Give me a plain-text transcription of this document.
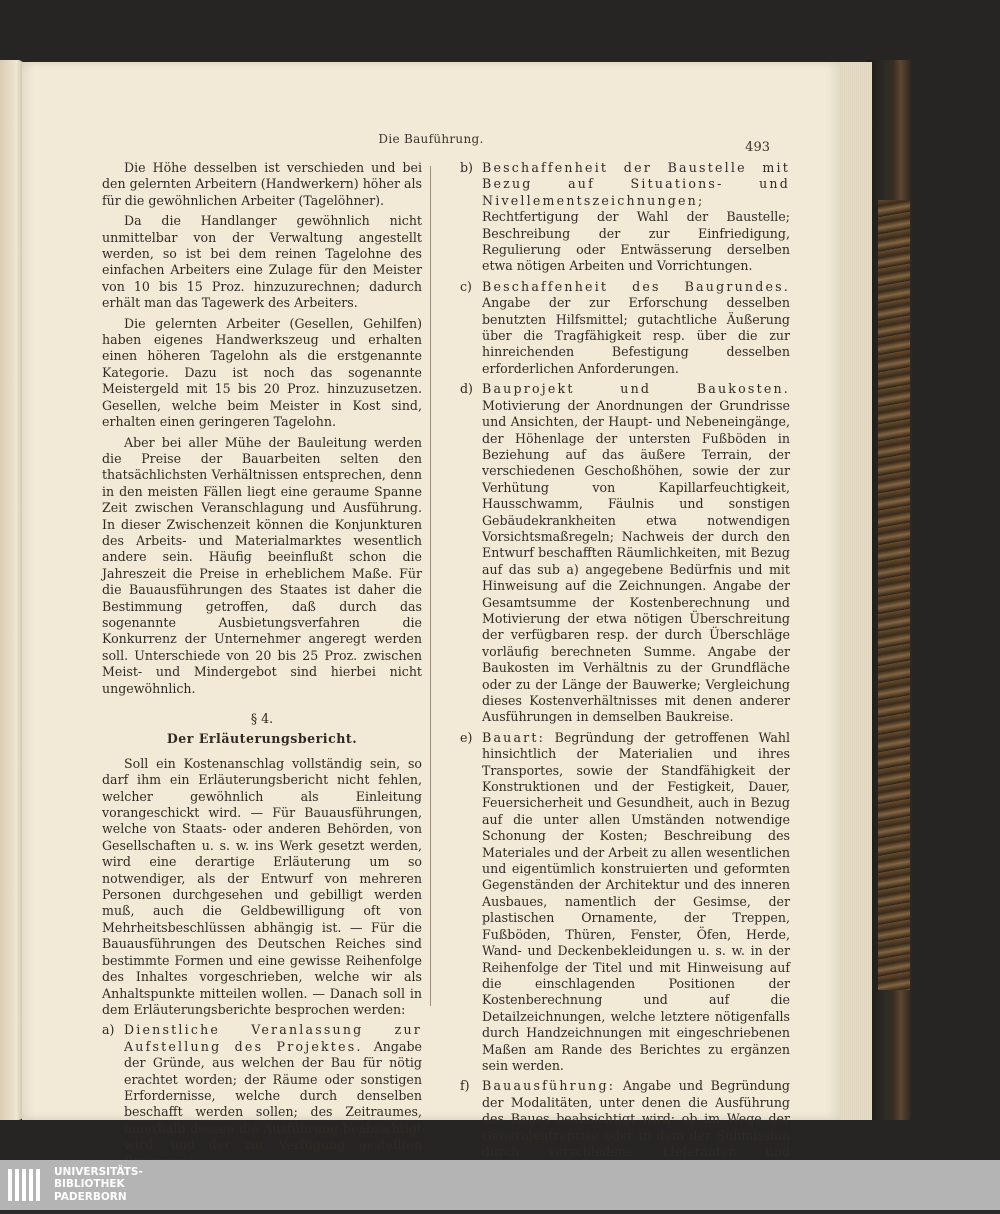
Die Bauführung.
493

Die Höhe desselben ist verschieden und bei den gelernten Arbeitern (Handwerkern) höher als für die gewöhnlichen Arbeiter (Tagelöhner).

Da die Handlanger gewöhnlich nicht unmittelbar von der Verwaltung angestellt werden, so ist bei dem reinen Tagelohne des einfachen Arbeiters eine Zulage für den Meister von 10 bis 15 Proz. hinzuzurechnen; dadurch erhält man das Tagewerk des Arbeiters.

Die gelernten Arbeiter (Gesellen, Gehilfen) haben eigenes Handwerkszeug und erhalten einen höheren Tagelohn als die erstgenannte Kategorie. Dazu ist noch das sogenannte Meistergeld mit 15 bis 20 Proz. hinzuzusetzen. Gesellen, welche beim Meister in Kost sind, erhalten einen geringeren Tagelohn.

Aber bei aller Mühe der Bauleitung werden die Preise der Bauarbeiten selten den thatsächlichsten Verhältnissen entsprechen, denn in den meisten Fällen liegt eine geraume Spanne Zeit zwischen Veranschlagung und Ausführung. In dieser Zwischenzeit können die Konjunkturen des Arbeits- und Materialmarktes wesentlich andere sein. Häufig beeinflußt schon die Jahreszeit die Preise in erheblichem Maße. Für die Bauausführungen des Staates ist daher die Bestimmung getroffen, daß durch das sogenannte Ausbietungsverfahren die Konkurrenz der Unternehmer angeregt werden soll. Unterschiede von 20 bis 25 Proz. zwischen Meist- und Mindergebot sind hierbei nicht ungewöhnlich.

§ 4.
Der Erläuterungsbericht.

Soll ein Kostenanschlag vollständig sein, so darf ihm ein Erläuterungsbericht nicht fehlen, welcher gewöhnlich als Einleitung vorangeschickt wird. — Für Bauausführungen, welche von Staats- oder anderen Behörden, von Gesellschaften u. s. w. ins Werk gesetzt werden, wird eine derartige Erläuterung um so notwendiger, als der Entwurf von mehreren Personen durchgesehen und gebilligt werden muß, auch die Geldbewilligung oft von Mehrheitsbeschlüssen abhängig ist. — Für die Bauausführungen des Deutschen Reiches sind bestimmte Formen und eine gewisse Reihenfolge des Inhaltes vorgeschrieben, welche wir als Anhaltspunkte mitteilen wollen. — Danach soll in dem Erläuterungsberichte besprochen werden:

a) Dienstliche Veranlassung zur Aufstellung des Projektes. Angabe der Gründe, aus welchen der Bau für nötig erachtet worden; der Räume oder sonstigen Erfordernisse, welche durch denselben beschafft werden sollen; des Zeitraumes, innerhalb dessen die Ausführung beabsichtigt wird, und der zur Verfügung gestellten
b) Beschaffenheit der Baustelle mit Bezug auf Situations- und Nivellementszeichnungen; Rechtfertigung der Wahl der Baustelle; Beschreibung der zur Einfriedigung, Regulierung oder Entwässerung derselben etwa nötigen Arbeiten und Vorrichtungen.
c) Beschaffenheit des Baugrundes. Angabe der zur Erforschung desselben benutzten Hilfsmittel; gutachtliche Äußerung über die Tragfähigkeit resp. über die zur hinreichenden Befestigung desselben erforderlichen Anforderungen.
d) Bauprojekt und Baukosten. Motivierung der Anordnungen der Grundrisse und Ansichten, der Haupt- und Nebeneingänge, der Höhenlage der untersten Fußböden in Beziehung auf das äußere Terrain, der verschiedenen Geschoßhöhen, sowie der zur Verhütung von Kapillarfeuchtigkeit, Hausschwamm, Fäulnis und sonstigen Gebäudekrankheiten etwa notwendigen Vorsichtsmaßregeln; Nachweis der durch den Entwurf beschafften Räumlichkeiten, mit Bezug auf das sub a) angegebene Bedürfnis und mit Hinweisung auf die Zeichnungen. Angabe der Gesamtsumme der Kostenberechnung und Motivierung der etwa nötigen Überschreitung der verfügbaren resp. der durch Überschläge vorläufig berechneten Summe. Angabe der Baukosten im Verhältnis zu der Grundfläche oder zu der Länge der Bauwerke; Vergleichung dieses Kostenverhältnisses mit denen anderer Ausführungen in demselben Baukreise.
e) Bauart: Begründung der getroffenen Wahl hinsichtlich der Materialien und ihres Transportes, sowie der Standfähigkeit der Konstruktionen und der Festigkeit, Dauer, Feuersicherheit und Gesundheit, auch in Bezug auf die unter allen Umständen notwendige Schonung der Kosten; Beschreibung des Materiales und der Arbeit zu allen wesentlichen und eigentümlich konstruierten und geformten Gegenständen der Architektur und des inneren Ausbaues, namentlich der Gesimse, der plastischen Ornamente, der Treppen, Fußböden, Thüren, Fenster, Öfen, Herde, Wand- und Deckenbekleidungen u. s. w. in der Reihenfolge der Titel und mit Hinweisung auf die einschlagenden Positionen der Kostenberechnung und auf die Detailzeichnungen, welche letztere nötigenfalls durch Handzeichnungen mit eingeschriebenen Maßen am Rande des Berichtes zu ergänzen sein werden.
f) Bauausführung: Angabe und Begründung der Modalitäten, unter denen die Ausführung des Baues beabsichtigt wird: ob im Wege der Generalentreprise oder in dem der Submission durch verschiedene Lieferanten und
UNIVERSITÄTS-
BIBLIOTHEK
PADERBORN
